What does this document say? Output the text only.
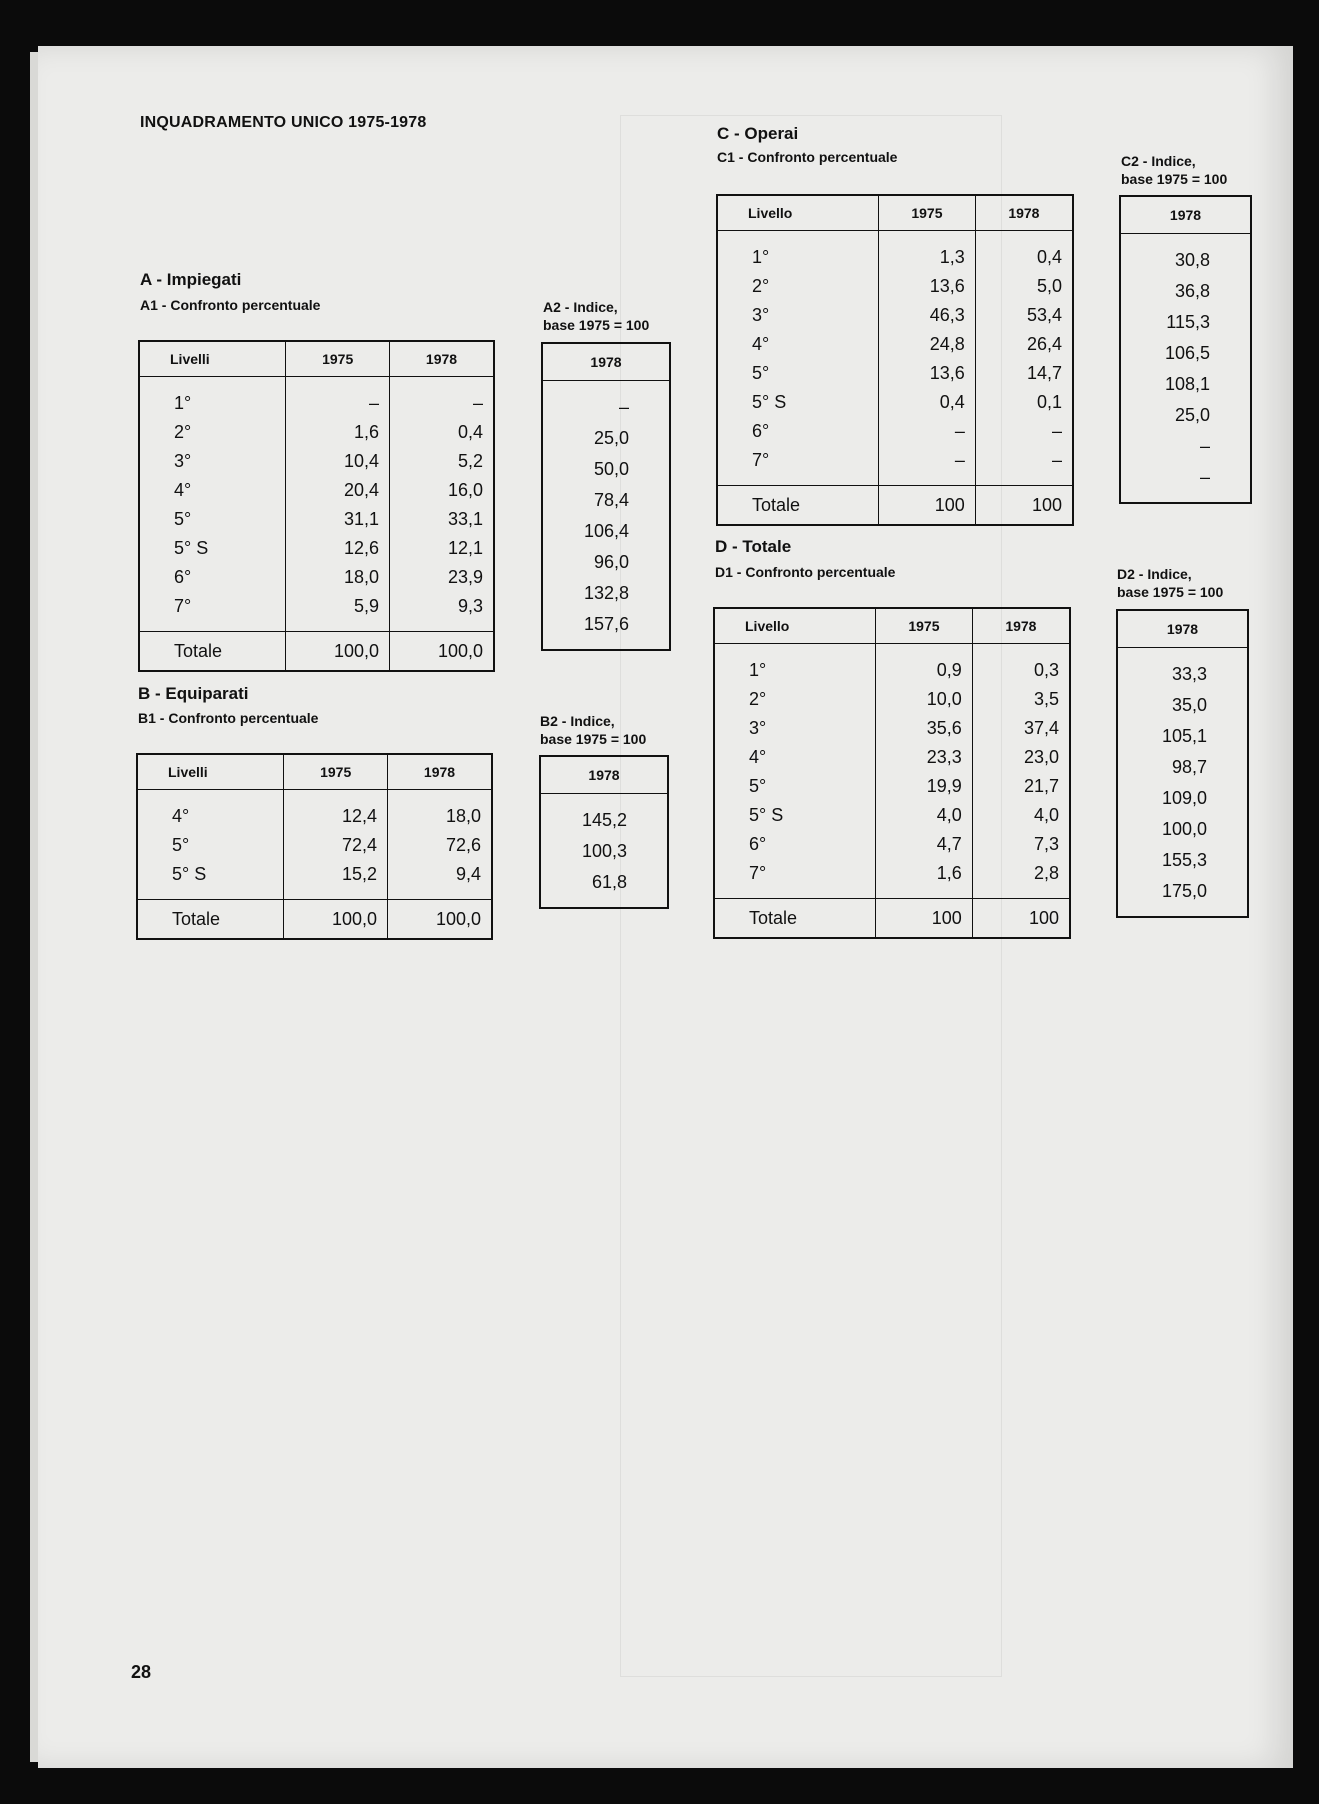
INQUADRAMENTO UNICO 1975-1978
A - Impiegati
A1 - Confronto percentuale	A2 - Indice,
base 1975 = 100
Livelli	1975	1978
1°	–	–
2°	1,6	0,4
3°	10,4	5,2
4°	20,4	16,0
5°	31,1	33,1
5° S	12,6	12,1
6°	18,0	23,9
7°	5,9	9,3
Totale	100,0	100,0
1978
–
25,0
50,0
78,4
106,4
96,0
132,8
157,6
B - Equiparati
B1 - Confronto percentuale	B2 - Indice,
base 1975 = 100
Livelli	1975	1978
4°	12,4	18,0
5°	72,4	72,6
5° S	15,2	9,4
Totale	100,0	100,0
1978
145,2
100,3
61,8
C - Operai
C1 - Confronto percentuale	C2 - Indice,
base 1975 = 100
Livello	1975	1978
1°	1,3	0,4
2°	13,6	5,0
3°	46,3	53,4
4°	24,8	26,4
5°	13,6	14,7
5° S	0,4	0,1
6°	–	–
7°	–	–
Totale	100	100
1978
30,8
36,8
115,3
106,5
108,1
25,0
–
–
D - Totale
D1 - Confronto percentuale	D2 - Indice,
base 1975 = 100
Livello	1975	1978
1°	0,9	0,3
2°	10,0	3,5
3°	35,6	37,4
4°	23,3	23,0
5°	19,9	21,7
5° S	4,0	4,0
6°	4,7	7,3
7°	1,6	2,8
Totale	100	100
1978
33,3
35,0
105,1
98,7
109,0
100,0
155,3
175,0
28
